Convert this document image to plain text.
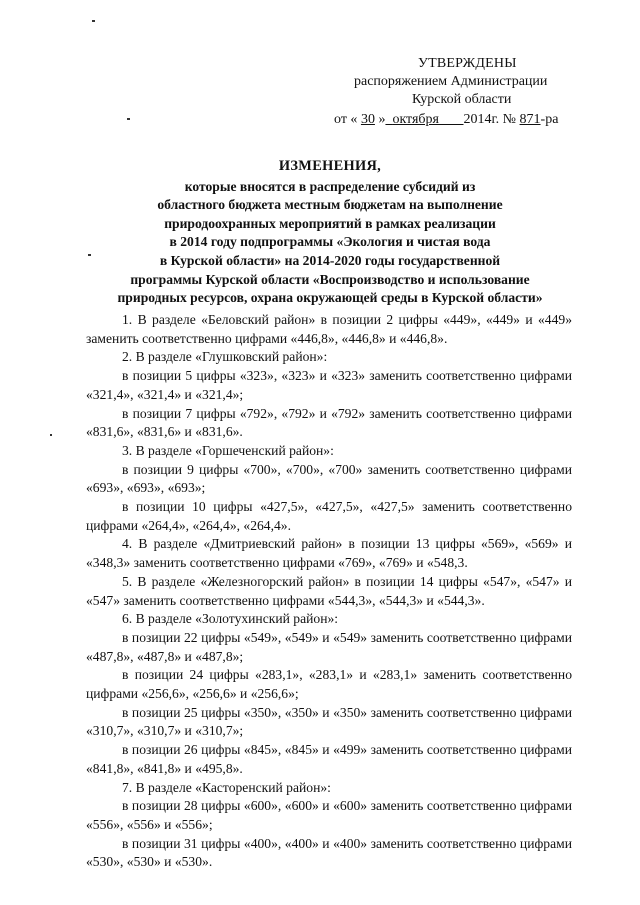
УТВЕРЖДЕНЫ
распоряжением Администрации
Курской области
от « 30 » октября 2014г. № 871-ра
ИЗМЕНЕНИЯ,
которые вносятся в распределение субсидий из
областного бюджета местным бюджетам на выполнение
природоохранных мероприятий в рамках реализации
в 2014 году подпрограммы «Экология и чистая вода
в Курской области» на 2014-2020 годы государственной
программы Курской области «Воспроизводство и использование
природных ресурсов, охрана окружающей среды в Курской области»

1. В разделе «Беловский район» в позиции 2 цифры «449», «449» и «449» заменить соответственно цифрами «446,8», «446,8» и «446,8».

2. В разделе «Глушковский район»:

в позиции 5 цифры «323», «323» и «323» заменить соответственно цифрами «321,4», «321,4» и «321,4»;

в позиции 7 цифры «792», «792» и «792» заменить соответственно цифрами «831,6», «831,6» и «831,6».

3. В разделе «Горшеченский район»:

в позиции 9 цифры «700», «700», «700» заменить соответственно цифрами «693», «693», «693»;

в позиции 10 цифры «427,5», «427,5», «427,5» заменить соответственно цифрами «264,4», «264,4», «264,4».

4. В разделе «Дмитриевский район» в позиции 13 цифры «569», «569» и «348,3» заменить соответственно цифрами «769», «769» и «548,3.

5. В разделе «Железногорский район» в позиции 14 цифры «547», «547» и «547» заменить соответственно цифрами «544,3», «544,3» и «544,3».

6. В разделе «Золотухинский район»:

в позиции 22 цифры «549», «549» и «549» заменить соответственно цифрами «487,8», «487,8» и «487,8»;

в позиции 24 цифры «283,1», «283,1» и «283,1» заменить соответственно цифрами «256,6», «256,6» и «256,6»;

в позиции 25 цифры «350», «350» и «350» заменить соответственно цифрами «310,7», «310,7» и «310,7»;

в позиции 26 цифры «845», «845» и «499» заменить соответственно цифрами «841,8», «841,8» и «495,8».

7. В разделе «Касторенский район»:

в позиции 28 цифры «600», «600» и «600» заменить соответственно цифрами «556», «556» и «556»;

в позиции 31 цифры «400», «400» и «400» заменить соответственно цифрами «530», «530» и «530».
